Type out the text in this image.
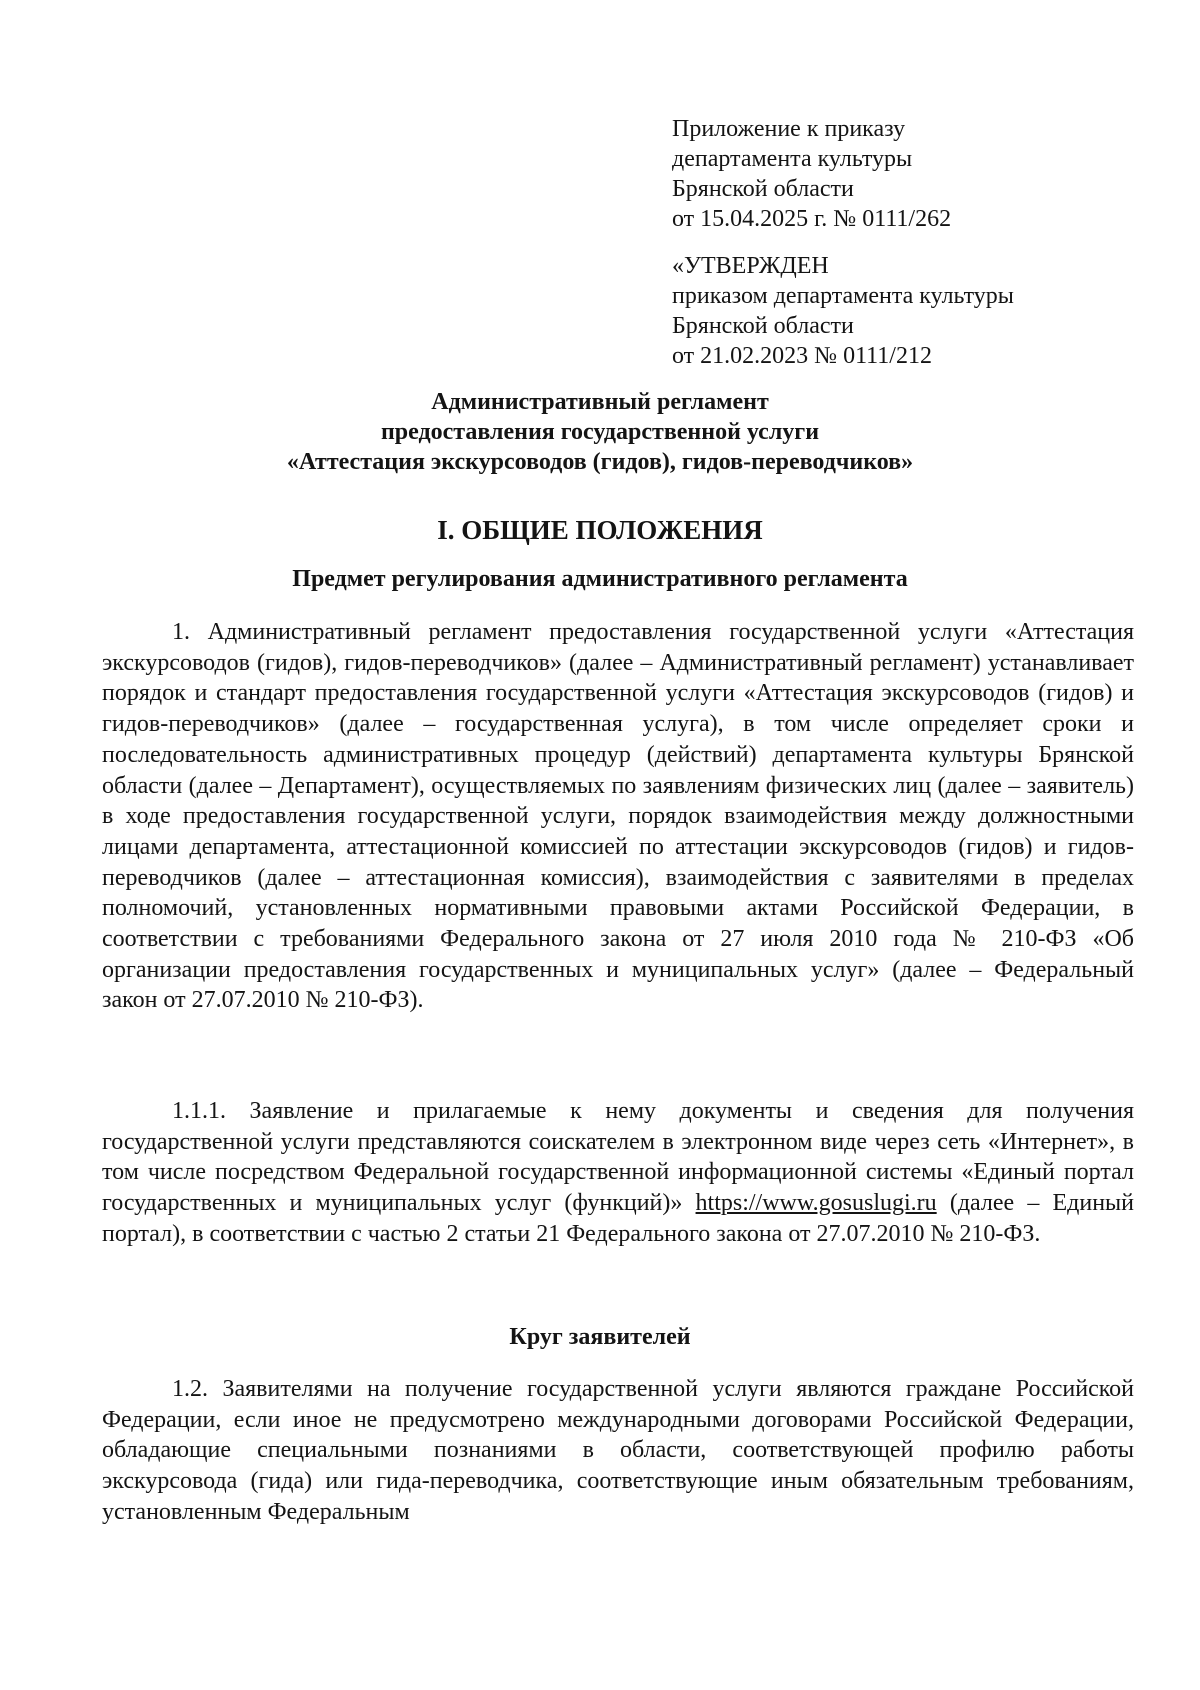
Приложение к приказу
департамента культуры
Брянской области
от 15.04.2025 г. № 0111/262
«УТВЕРЖДЕН
приказом департамента культуры
Брянской области
от 21.02.2023 № 0111/212
Административный регламент
предоставления государственной услуги
«Аттестация экскурсоводов (гидов), гидов-переводчиков»
I. ОБЩИЕ ПОЛОЖЕНИЯ
Предмет регулирования административного регламента
1. Административный регламент предоставления государственной услуги «Аттестация экскурсоводов (гидов), гидов-переводчиков» (далее – Административный регламент) устанавливает порядок и стандарт предоставления государственной услуги «Аттестация экскурсоводов (гидов) и гидов-переводчиков» (далее – государственная услуга), в том числе определяет сроки и последовательность административных процедур (действий) департамента культуры Брянской области (далее – Департамент), осуществляемых по заявлениям физических лиц (далее – заявитель) в ходе предоставления государственной услуги, порядок взаимодействия между должностными лицами департамента, аттестационной комиссией по аттестации экскурсоводов (гидов) и гидов-переводчиков (далее – аттестационная комиссия), взаимодействия с заявителями в пределах полномочий, установленных нормативными правовыми актами Российской Федерации, в соответствии с требованиями Федерального закона от 27 июля 2010 года № 210-ФЗ «Об организации предоставления государственных и муниципальных услуг» (далее – Федеральный закон от 27.07.2010 № 210-ФЗ).
1.1.1. Заявление и прилагаемые к нему документы и сведения для получения государственной услуги представляются соискателем в электронном виде через сеть «Интернет», в том числе посредством Федеральной государственной информационной системы «Единый портал государственных и муниципальных услуг (функций)» https://www.gosuslugi.ru (далее – Единый портал), в соответствии с частью 2 статьи 21 Федерального закона от 27.07.2010 № 210-ФЗ.
Круг заявителей
1.2. Заявителями на получение государственной услуги являются граждане Российской Федерации, если иное не предусмотрено международными договорами Российской Федерации, обладающие специальными познаниями в области, соответствующей профилю работы экскурсовода (гида) или гида-переводчика, соответствующие иным обязательным требованиям, установленным Федеральным
